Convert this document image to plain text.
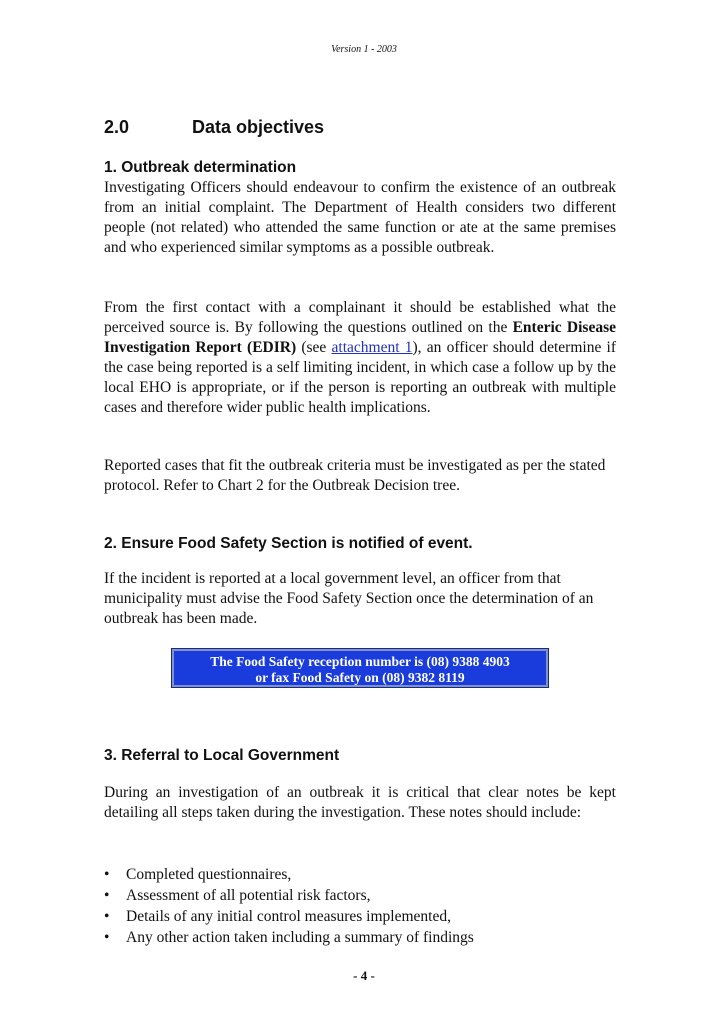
Version 1 - 2003
2.0	Data objectives
1. Outbreak determination

Investigating Officers should endeavour to confirm the existence of an outbreak from an initial complaint. The Department of Health considers two different people (not related) who attended the same function or ate at the same premises and who experienced similar symptoms as a possible outbreak.

From the first contact with a complainant it should be established what the perceived source is. By following the questions outlined on the Enteric Disease Investigation Report (EDIR) (see attachment 1), an officer should determine if the case being reported is a self limiting incident, in which case a follow up by the local EHO is appropriate, or if the person is reporting an outbreak with multiple cases and therefore wider public health implications.

Reported cases that fit the outbreak criteria must be investigated as per the stated protocol. Refer to Chart 2 for the Outbreak Decision tree.

2. Ensure Food Safety Section is notified of event.

If the incident is reported at a local government level, an officer from that municipality must advise the Food Safety Section once the determination of an outbreak has been made.

The Food Safety reception number is (08) 9388 4903
or fax Food Safety on (08) 9382 8119
3. Referral to Local Government

During an investigation of an outbreak it is critical that clear notes be kept detailing all steps taken during the investigation. These notes should include:

• Completed questionnaires,
• Assessment of all potential risk factors,
• Details of any initial control measures implemented,
• Any other action taken including a summary of findings
- 4 -
